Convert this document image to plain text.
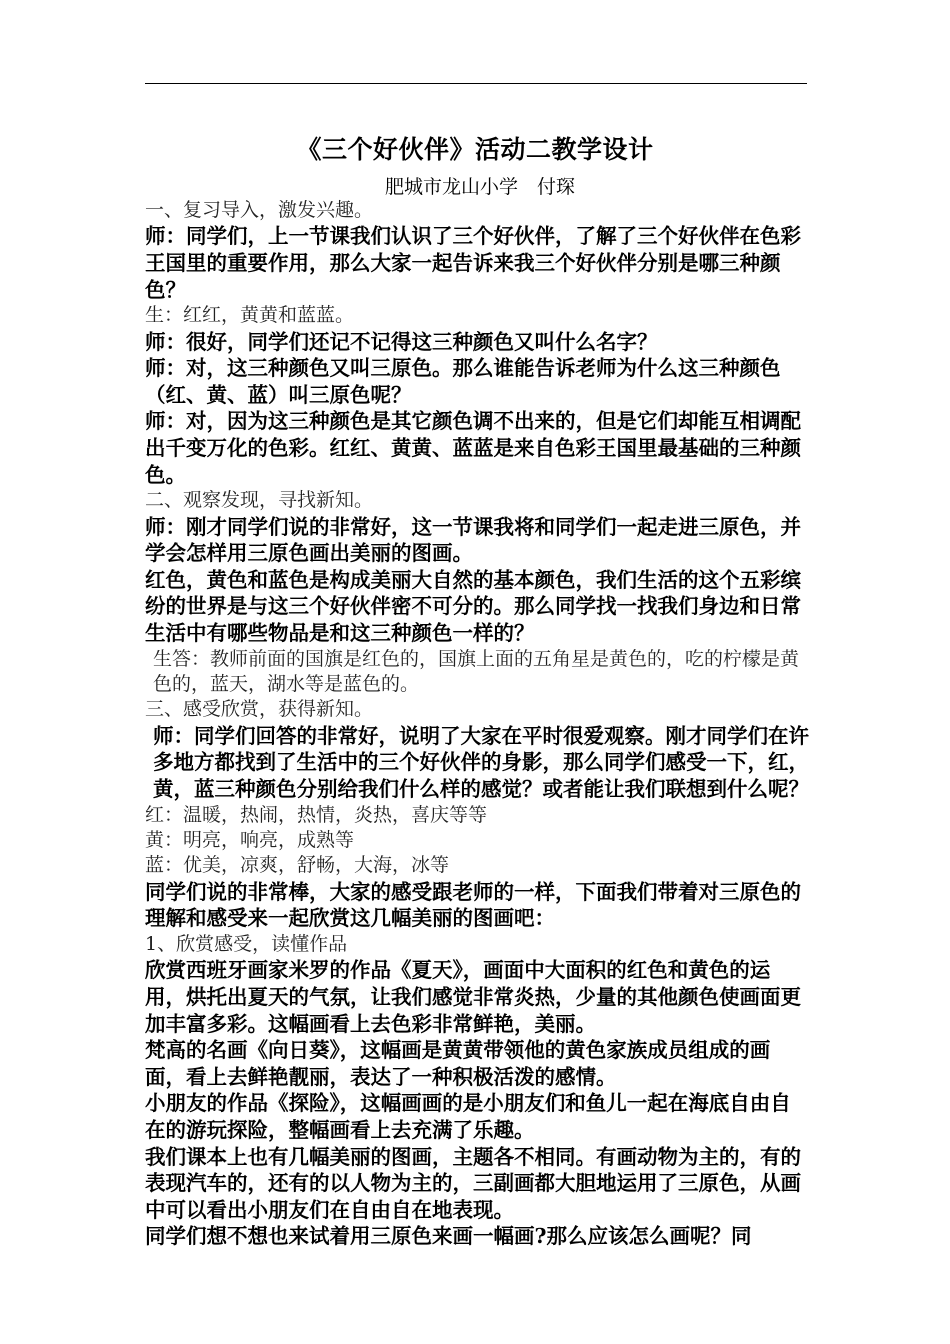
《三个好伙伴》活动二教学设计
肥城市龙山小学　付琛

一、复习导入，激发兴趣。

师：同学们，上一节课我们认识了三个好伙伴，了解了三个好伙伴在色彩王国里的重要作用，那么大家一起告诉来我三个好伙伴分别是哪三种颜色？

生：红红，黄黄和蓝蓝。

师：很好，同学们还记不记得这三种颜色又叫什么名字？

师：对，这三种颜色又叫三原色。那么谁能告诉老师为什么这三种颜色（红、黄、蓝）叫三原色呢？

师：对，因为这三种颜色是其它颜色调不出来的，但是它们却能互相调配出千变万化的色彩。红红、黄黄、蓝蓝是来自色彩王国里最基础的三种颜色。

二、观察发现，寻找新知。

师：刚才同学们说的非常好，这一节课我将和同学们一起走进三原色，并学会怎样用三原色画出美丽的图画。

红色，黄色和蓝色是构成美丽大自然的基本颜色，我们生活的这个五彩缤纷的世界是与这三个好伙伴密不可分的。那么同学找一找我们身边和日常生活中有哪些物品是和这三种颜色一样的？

生答：教师前面的国旗是红色的，国旗上面的五角星是黄色的，吃的柠檬是黄色的，蓝天，湖水等是蓝色的。

三、感受欣赏，获得新知。

师：同学们回答的非常好，说明了大家在平时很爱观察。刚才同学们在许多地方都找到了生活中的三个好伙伴的身影，那么同学们感受一下，红，黄，蓝三种颜色分别给我们什么样的感觉？或者能让我们联想到什么呢？

红：温暖，热闹，热情，炎热，喜庆等等

黄：明亮，响亮，成熟等

蓝：优美，凉爽，舒畅，大海，冰等

同学们说的非常棒，大家的感受跟老师的一样，下面我们带着对三原色的理解和感受来一起欣赏这几幅美丽的图画吧：

1、欣赏感受，读懂作品

欣赏西班牙画家米罗的作品《夏天》，画面中大面积的红色和黄色的运用，烘托出夏天的气氛，让我们感觉非常炎热，少量的其他颜色使画面更加丰富多彩。这幅画看上去色彩非常鲜艳，美丽。

梵高的名画《向日葵》，这幅画是黄黄带领他的黄色家族成员组成的画面，看上去鲜艳靓丽，表达了一种积极活泼的感情。

小朋友的作品《探险》，这幅画画的是小朋友们和鱼儿一起在海底自由自在的游玩探险，整幅画看上去充满了乐趣。

我们课本上也有几幅美丽的图画，主题各不相同。有画动物为主的，有的表现汽车的，还有的以人物为主的，三副画都大胆地运用了三原色，从画中可以看出小朋友们在自由自在地表现。

同学们想不想也来试着用三原色来画一幅画?那么应该怎么画呢？同
